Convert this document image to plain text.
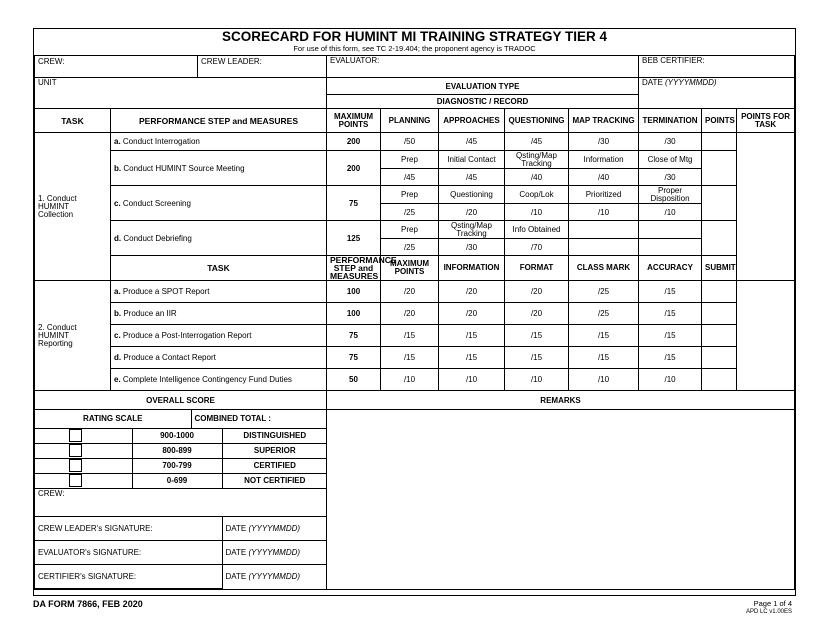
SCORECARD FOR HUMINT MI TRAINING STRATEGY TIER 4
For use of this form, see TC 2-19.404; the proponent agency is TRADOC
CREW:	CREW LEADER:	EVALUATOR:	BEB CERTIFIER:
UNIT	EVALUATION TYPE	DATE (YYYYMMDD)
DIAGNOSTIC / RECORD
TASK	PERFORMANCE STEP and MEASURES	MAXIMUM POINTS	PLANNING	APPROACHES	QUESTIONING	MAP TRACKING	TERMINATION	POINTS	POINTS FOR TASK

1. Conduct HUMINT Collection
	a. Conduct Interrogation	200	/50	/45	/45	/30	/30		
b. Conduct HUMINT Source Meeting	200	Prep	Initial Contact	Qsting/Map Tracking	Information	Close of Mtg	
/45	/45	/40	/40	/30
c. Conduct Screening	75	Prep	Questioning	Coop/Lok	Prioritized	Proper Disposition	
/25	/20	/10	/10	/10
d. Conduct Debriefing	125	Prep	Qsting/Map Tracking	Info Obtained			
/25	/30	/70		
TASK	PERFORMANCE STEP and MEASURES	MAXIMUM POINTS	INFORMATION	FORMAT	CLASS MARK	ACCURACY	SUBMIT		

2. Conduct HUMINT Reporting
	a. Produce a SPOT Report	100	/20	/20	/20	/25	/15		
b. Produce an IIR	100	/20	/20	/20	/25	/15	
c. Produce a Post-Interrogation Report	75	/15	/15	/15	/15	/15	
d. Produce a Contact Report	75	/15	/15	/15	/15	/15	
e. Complete Intelligence Contingency Fund Duties	50	/10	/10	/10	/10	/10	
OVERALL SCORE	REMARKS

RATING SCALE	COMBINED TOTAL :
	900-1000	DISTINGUISHED
	800-899	SUPERIOR
	700-799	CERTIFIED
	0-699	NOT CERTIFIED
CREW:
CREW LEADER's SIGNATURE:	DATE (YYYYMMDD)
EVALUATOR's SIGNATURE:	DATE (YYYYMMDD)
CERTIFIER's SIGNATURE:	DATE (YYYYMMDD)

DA FORM 7866, FEB 2020	Page 1 of 4
APD LC v1.00ES
